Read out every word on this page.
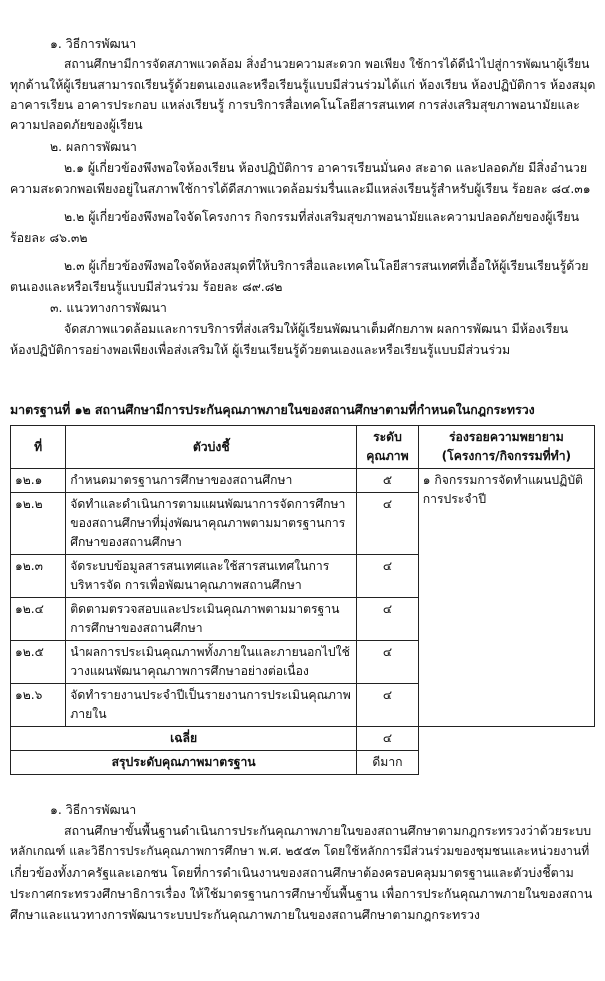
๑. วิธีการพัฒนา
สถานศึกษามีการจัดสภาพแวดล้อม สิ่งอำนวยความสะดวก พอเพียง ใช้การได้ดีนำไปสู่การพัฒนาผู้เรียน
ทุกด้านให้ผู้เรียนสามารถเรียนรู้ด้วยตนเองและหรือเรียนรู้แบบมีส่วนร่วมได้แก่ ห้องเรียน ห้องปฏิบัติการ ห้องสมุด
อาคารเรียน อาคารประกอบ แหล่งเรียนรู้ การบริการสื่อเทคโนโลยีสารสนเทศ การส่งเสริมสุขภาพอนามัยและ
ความปลอดภัยของผู้เรียน
๒. ผลการพัฒนา
๒.๑ ผู้เกี่ยวข้องพึงพอใจห้องเรียน ห้องปฏิบัติการ อาคารเรียนมั่นคง สะอาด และปลอดภัย มีสิ่งอำนวย
ความสะดวกพอเพียงอยู่ในสภาพใช้การได้ดีสภาพแวดล้อมร่มรื่นและมีแหล่งเรียนรู้สำหรับผู้เรียน ร้อยละ ๘๔.๓๑
๒.๒ ผู้เกี่ยวข้องพึงพอใจจัดโครงการ กิจกรรมที่ส่งเสริมสุขภาพอนามัยและความปลอดภัยของผู้เรียน
ร้อยละ ๘๖.๓๒
๒.๓ ผู้เกี่ยวข้องพึงพอใจจัดห้องสมุดที่ให้บริการสื่อและเทคโนโลยีสารสนเทศที่เอื้อให้ผู้เรียนเรียนรู้ด้วย
ตนเองและหรือเรียนรู้แบบมีส่วนร่วม ร้อยละ ๘๙.๘๒
๓. แนวทางการพัฒนา
จัดสภาพแวดล้อมและการบริการที่ส่งเสริมให้ผู้เรียนพัฒนาเต็มศักยภาพ ผลการพัฒนา มีห้องเรียน
ห้องปฏิบัติการอย่างพอเพียงเพื่อส่งเสริมให้ ผู้เรียนเรียนรู้ด้วยตนเองและหรือเรียนรู้แบบมีส่วนร่วม
มาตรฐานที่ ๑๒ สถานศึกษามีการประกันคุณภาพภายในของสถานศึกษาตามที่กำหนดในกฎกระทรวง
ที่	ตัวบ่งชี้	ระดับคุณภาพ	ร่องรอยความพยายาม (โครงการ/กิจกรรมที่ทำ)
๑๒.๑	กำหนดมาตรฐานการศึกษาของสถานศึกษา	๕	๑ กิจกรรมการจัดทำแผนปฏิบัติการประจำปี
๑๒.๒	จัดทำและดำเนินการตามแผนพัฒนาการจัดการศึกษาของสถานศึกษาที่มุ่งพัฒนาคุณภาพตามมาตรฐานการศึกษาของสถานศึกษา	๔	
๑๒.๓	จัดระบบข้อมูลสารสนเทศและใช้สารสนเทศในการบริหารจัด การเพื่อพัฒนาคุณภาพสถานศึกษา	๔	
๑๒.๔	ติดตามตรวจสอบและประเมินคุณภาพตามมาตรฐานการศึกษาของสถานศึกษา	๔	
๑๒.๕	นำผลการประเมินคุณภาพทั้งภายในและภายนอกไปใช้วางแผนพัฒนาคุณภาพการศึกษาอย่างต่อเนื่อง	๔	
๑๒.๖	จัดทำรายงานประจำปีเป็นรายงานการประเมินคุณภาพภายใน	๔	
เฉลี่ย		๔	
สรุประดับคุณภาพมาตรฐาน		ดีมาก	
๑. วิธีการพัฒนา
สถานศึกษาขั้นพื้นฐานดำเนินการประกันคุณภาพภายในของสถานศึกษาตามกฎกระทรวงว่าด้วยระบบ
หลักเกณฑ์ และวิธีการประกันคุณภาพการศึกษา พ.ศ. ๒๕๕๓ โดยใช้หลักการมีส่วนร่วมของชุมชนและหน่วยงานที่
เกี่ยวข้องทั้งภาครัฐและเอกชน โดยที่การดำเนินงานของสถานศึกษาต้องครอบคลุมมาตรฐานและตัวบ่งชี้ตาม
ประกาศกระทรวงศึกษาธิการเรื่อง ให้ใช้มาตรฐานการศึกษาขั้นพื้นฐาน เพื่อการประกันคุณภาพภายในของสถาน
ศึกษาและแนวทางการพัฒนาระบบประกันคุณภาพภายในของสถานศึกษาตามกฎกระทรวง
